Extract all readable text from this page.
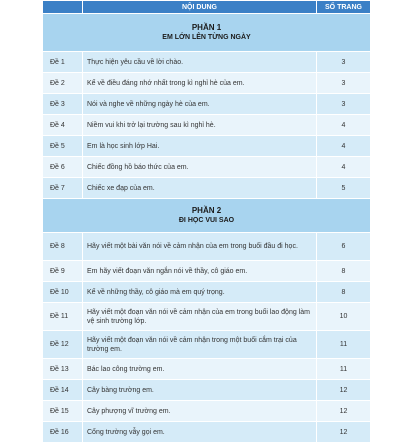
	NỘI DUNG	SỐ TRANG

PHẦN 1
EM LỚN LÊN TỪNG NGÀY		

Đề 1	Thực hiện yêu cầu về lời chào.	3
Đề 2	Kể về điều đáng nhớ nhất trong kì nghỉ hè của em.	3
Đề 3	Nói và nghe về những ngày hè của em.	3
Đề 4	Niềm vui khi trở lại trường sau kì nghỉ hè.	4
Đề 5	Em là học sinh lớp Hai.	4
Đề 6	Chiếc đồng hồ báo thức của em.	4
Đề 7	Chiếc xe đạp của em.	5

PHẦN 2
ĐI HỌC VUI SAO		

Đề 8	Hãy viết một bài văn nói về cảm nhận của em trong buổi đầu đi học.	6
Đề 9	Em hãy viết đoạn văn ngắn nói về thầy, cô giáo em.	8
Đề 10	Kể về những thầy, cô giáo mà em quý trọng.	8
Đề 11	Hãy viết một đoạn văn nói về cảm nhận của em trong buổi lao động làm vệ sinh trường lớp.	10
Đề 12	Hãy viết một đoạn văn nói về cảm nhận trong một buổi cắm trại của trường em.	11
Đề 13	Bác lao công trường em.	11
Đề 14	Cây bàng trường em.	12
Đề 15	Cây phượng vĩ trường em.	12
Đề 16	Cổng trường vẫy gọi em.	12
